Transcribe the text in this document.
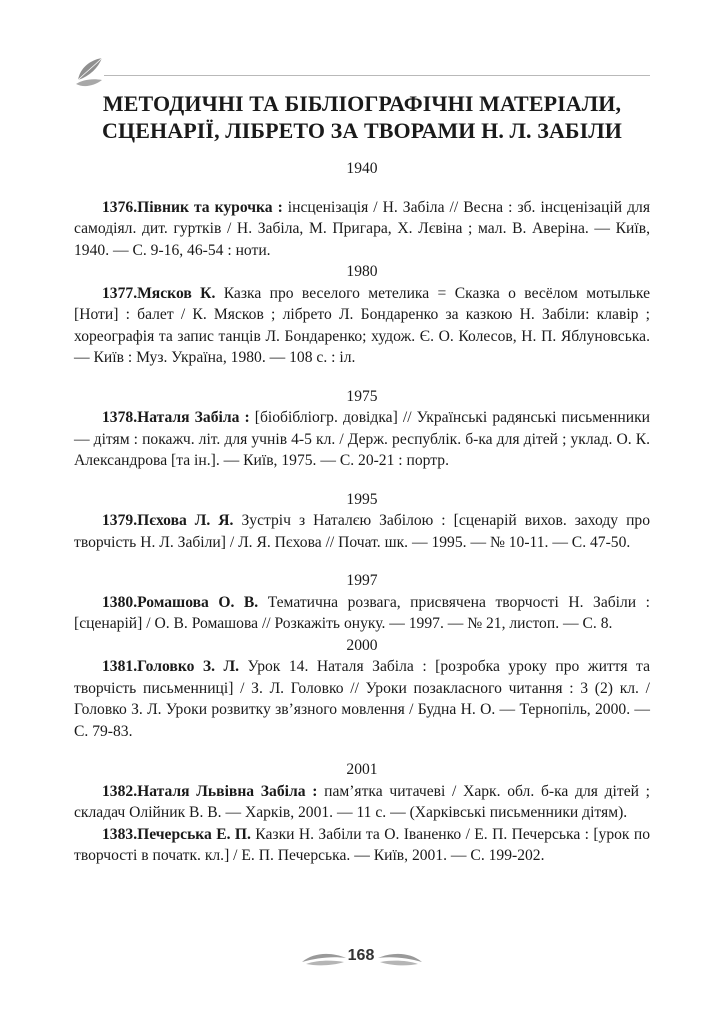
МЕТОДИЧНІ ТА БІБЛІОГРАФІЧНІ МАТЕРІАЛИ,
СЦЕНАРІЇ, ЛІБРЕТО ЗА ТВОРАМИ Н. Л. ЗАБІЛИ

1940

1376.Півник та курочка : інсценізація / Н. Забіла // Весна : зб. інсценізацій для самодіял. дит. гуртків / Н. Забіла, М. Пригара, Х. Лєвіна ; мал. В. Аверіна. — Київ, 1940. — С. 9-16, 46-54 : ноти.

1980

1377.Мясков К. Казка про веселого метелика = Сказка о весёлом мотыльке [Ноти] : балет / К. Мясков ; лібрето Л. Бондаренко за казкою Н. Забіли: клавір ; хореографія та запис танців Л. Бондаренко; худож. Є. О. Колесов, Н. П. Яблуновська. — Київ : Муз. Україна, 1980. — 108 с. : іл.

1975

1378.Наталя Забіла : [біобібліогр. довідка] // Українські радянські письменники — дітям : покажч. літ. для учнів 4-5 кл. / Держ. республік. б-ка для дітей ; уклад. О. К. Александрова [та ін.]. — Київ, 1975. — С. 20-21 : портр.

1995

1379.Пєхова Л. Я. Зустріч з Наталєю Забілою : [сценарій вихов. заходу про творчість Н. Л. Забіли] / Л. Я. Пєхова // Почат. шк. — 1995. — № 10-11. — С. 47-50.

1997

1380.Ромашова О. В. Тематична розвага, присвячена творчості Н. Забіли : [сценарій] / О. В. Ромашова // Розкажіть онуку. — 1997. — № 21, листоп. — С. 8.

2000

1381.Головко З. Л. Урок 14. Наталя Забіла : [розробка уроку про життя та творчість письменниці] / З. Л. Головко // Уроки позакласного читання : 3 (2) кл. / Головко З. Л. Уроки розвитку зв’язного мовлення / Будна Н. О. — Тернопіль, 2000. — С. 79-83.

2001

1382.Наталя Львівна Забіла : пам’ятка читачеві / Харк. обл. б-ка для дітей ; складач Олійник В. В. — Харків, 2001. — 11 с. — (Харківські письменники дітям).

1383.Печерська Е. П. Казки Н. Забіли та О. Іваненко / Е. П. Печерська : [урок по творчості в початк. кл.] / Е. П. Печерська. — Київ, 2001. — С. 199-202.

168
